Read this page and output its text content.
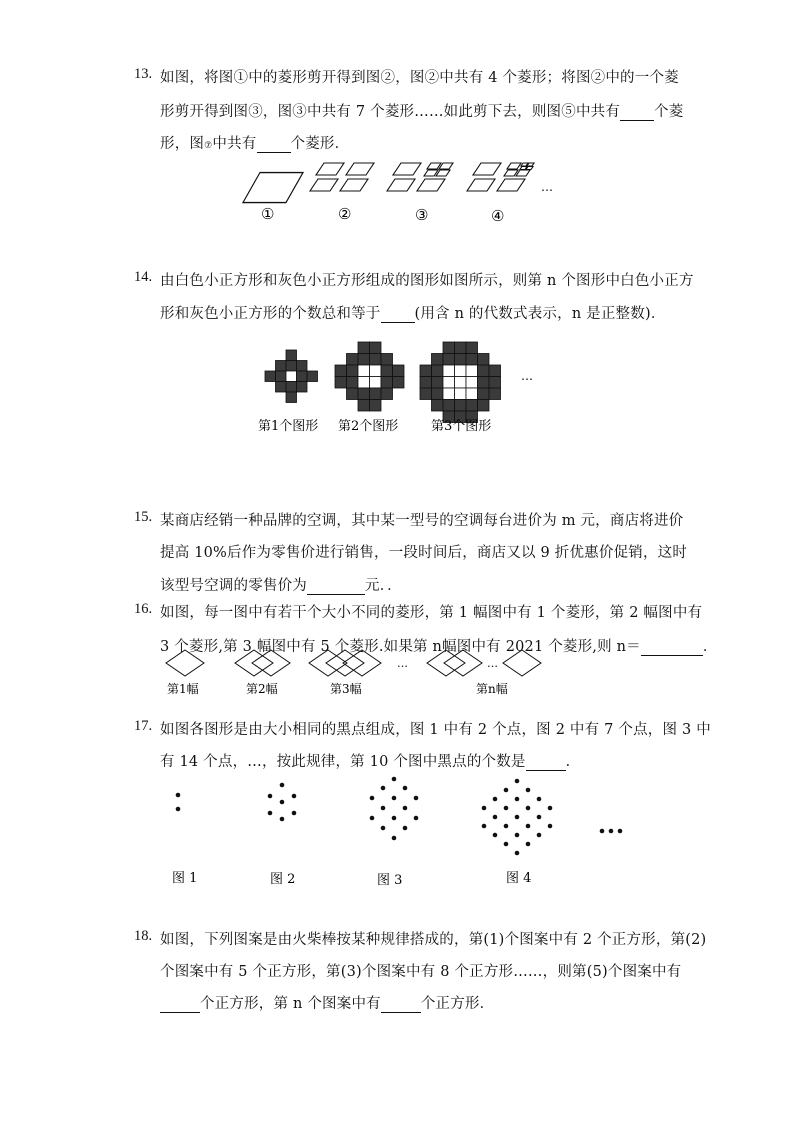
13. 如图，将图①中的菱形剪开得到图②，图②中共有 4 个菱形；将图②中的一个菱
形剪开得到图③，图③中共有 7 个菱形……如此剪下去，则图⑤中共有 个菱
形，图⑦中共有 个菱形．
①	②	③	④
…
14. 由白色小正方形和灰色小正方形组成的图形如图所示，则第 n 个图形中白色小正方
形和灰色小正方形的个数总和等于 (用含 n 的代数式表示，n 是正整数)．
第1个图形 第2个图形	第3个图形
…
15. 某商店经销一种品牌的空调，其中某一型号的空调每台进价为 m 元，商店将进价
提高 10%后作为零售价进行销售，一段时间后，商店又以 9 折优惠价促销，这时
该型号空调的零售价为	元．．
16. 如图，每一图中有若干个大小不同的菱形，第 1 幅图中有 1 个菱形，第 2 幅图中有
3 个菱形,第 3 幅图中有 5 个菱形.如果第 n幅图中有 2021 个菱形,则 n＝	．
…	…
第1幅	第2幅	第3幅	第n幅
17. 如图各图形是由大小相同的黑点组成，图 1 中有 2 个点，图 2 中有 7 个点，图 3 中
有 14 个点，…，按此规律，第 10 个图中黑点的个数是	．
图 1	图 2	图 3	图 4
18. 如图，下列图案是由火柴棒按某种规律搭成的，第(1)个图案中有 2 个正方形，第(2)
个图案中有 5 个正方形，第(3)个图案中有 8 个正方形……，则第(5)个图案中有
个正方形，第 n 个图案中有	个正方形．
